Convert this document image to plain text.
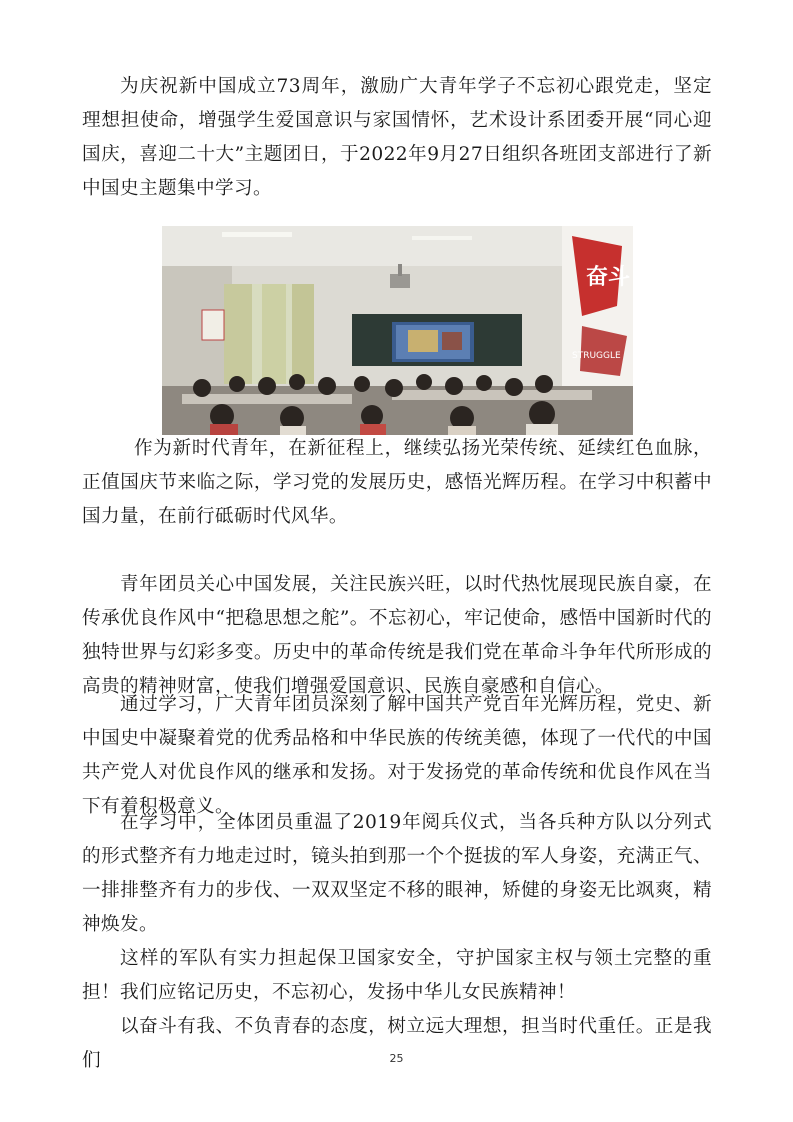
为庆祝新中国成立73周年，激励广大青年学子不忘初心跟党走，坚定理想担使命，增强学生爱国意识与家国情怀，艺术设计系团委开展“同心迎国庆，喜迎二十大”主题团日，于2022年9月27日组织各班团支部进行了新中国史主题集中学习。

奋斗
STRUGGLE

作为新时代青年，在新征程上，继续弘扬光荣传统、延续红色血脉，正值国庆节来临之际，学习党的发展历史，感悟光辉历程。在学习中积蓄中国力量，在前行砥砺时代风华。

青年团员关心中国发展，关注民族兴旺，以时代热忱展现民族自豪，在传承优良作风中“把稳思想之舵”。不忘初心，牢记使命，感悟中国新时代的独特世界与幻彩多变。历史中的革命传统是我们党在革命斗争年代所形成的高贵的精神财富，使我们增强爱国意识、民族自豪感和自信心。

通过学习，广大青年团员深刻了解中国共产党百年光辉历程，党史、新中国史中凝聚着党的优秀品格和中华民族的传统美德，体现了一代代的中国共产党人对优良作风的继承和发扬。对于发扬党的革命传统和优良作风在当下有着积极意义。

在学习中，全体团员重温了2019年阅兵仪式，当各兵种方队以分列式的形式整齐有力地走过时，镜头拍到那一个个挺拔的军人身姿，充满正气、一排排整齐有力的步伐、一双双坚定不移的眼神，矫健的身姿无比飒爽，精神焕发。

这样的军队有实力担起保卫国家安全，守护国家主权与领土完整的重担！我们应铭记历史，不忘初心，发扬中华儿女民族精神！

以奋斗有我、不负青春的态度，树立远大理想，担当时代重任。正是我们	25
